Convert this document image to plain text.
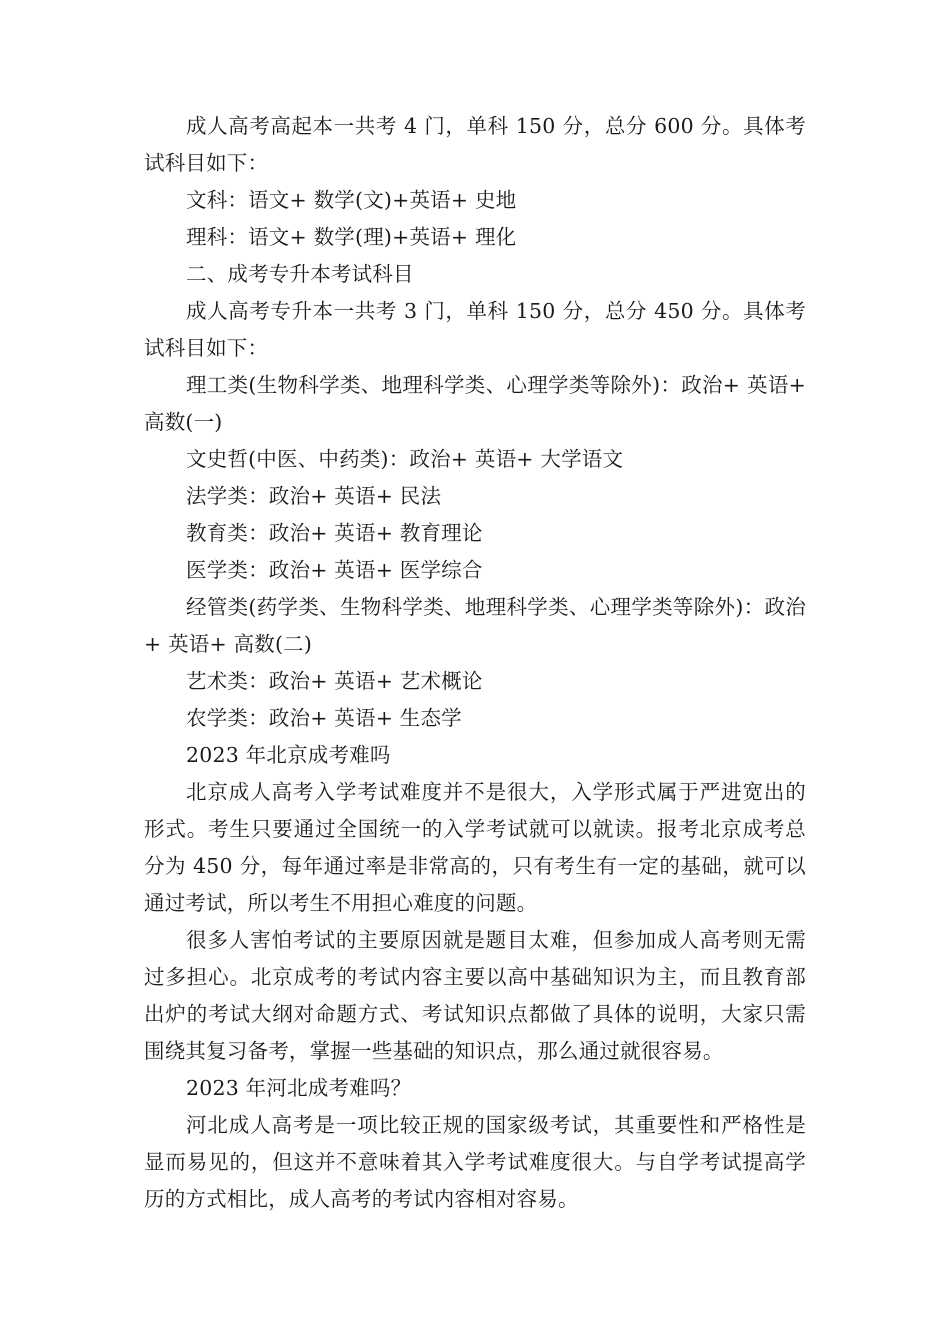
成人高考高起本一共考 4 门，单科 150 分，总分 600 分。具体考试科目如下：

文科：语文+ 数学(文)+英语+ 史地

理科：语文+ 数学(理)+英语+ 理化

二、成考专升本考试科目

成人高考专升本一共考 3 门，单科 150 分，总分 450 分。具体考试科目如下：

理工类(生物科学类、地理科学类、心理学类等除外)：政治+ 英语+ 高数(一)

文史哲(中医、中药类)：政治+ 英语+ 大学语文

法学类：政治+ 英语+ 民法

教育类：政治+ 英语+ 教育理论

医学类：政治+ 英语+ 医学综合

经管类(药学类、生物科学类、地理科学类、心理学类等除外)：政治+ 英语+ 高数(二)

艺术类：政治+ 英语+ 艺术概论

农学类：政治+ 英语+ 生态学

2023 年北京成考难吗

北京成人高考入学考试难度并不是很大，入学形式属于严进宽出的形式。考生只要通过全国统一的入学考试就可以就读。报考北京成考总分为 450 分，每年通过率是非常高的，只有考生有一定的基础，就可以通过考试，所以考生不用担心难度的问题。

很多人害怕考试的主要原因就是题目太难，但参加成人高考则无需过多担心。北京成考的考试内容主要以高中基础知识为主，而且教育部出炉的考试大纲对命题方式、考试知识点都做了具体的说明，大家只需围绕其复习备考，掌握一些基础的知识点，那么通过就很容易。

2023 年河北成考难吗？

河北成人高考是一项比较正规的国家级考试，其重要性和严格性是显而易见的，但这并不意味着其入学考试难度很大。与自学考试提高学历的方式相比，成人高考的考试内容相对容易。
